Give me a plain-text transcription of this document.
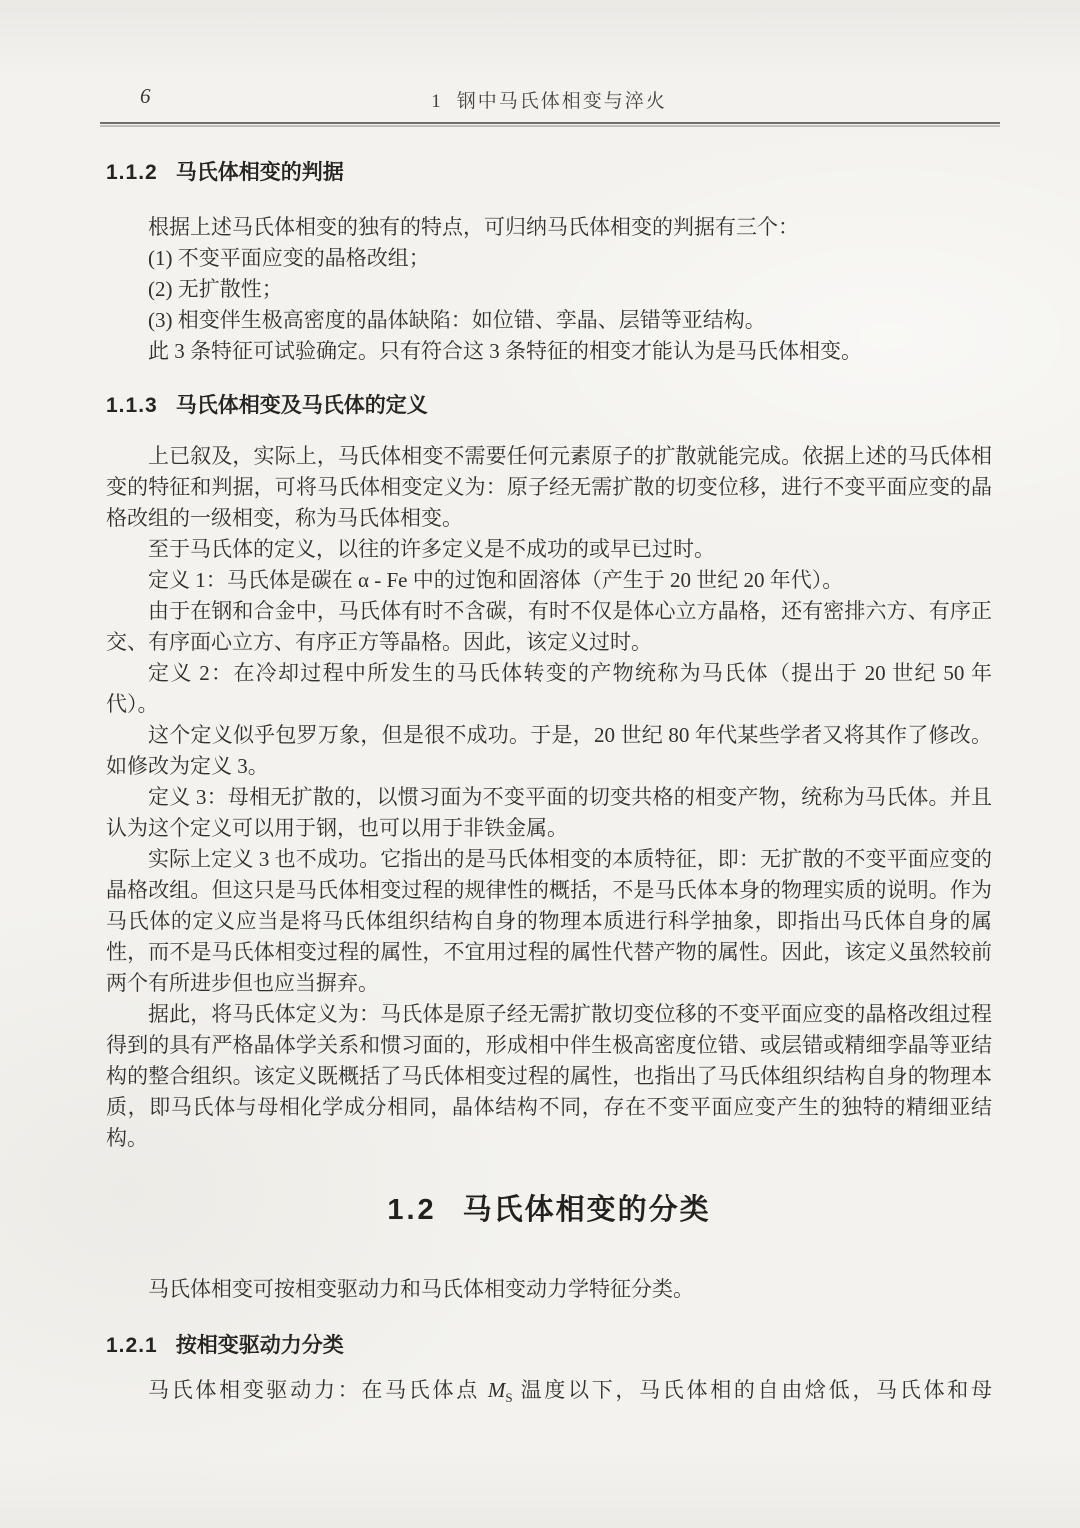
6	1 钢中马氏体相变与淬火
1.1.2 马氏体相变的判据

根据上述马氏体相变的独有的特点，可归纳马氏体相变的判据有三个：

(1) 不变平面应变的晶格改组；

(2) 无扩散性；

(3) 相变伴生极高密度的晶体缺陷：如位错、孪晶、层错等亚结构。

此 3 条特征可试验确定。只有符合这 3 条特征的相变才能认为是马氏体相变。

1.1.3 马氏体相变及马氏体的定义

上已叙及，实际上，马氏体相变不需要任何元素原子的扩散就能完成。依据上述的马氏体相变的特征和判据，可将马氏体相变定义为：原子经无需扩散的切变位移，进行不变平面应变的晶格改组的一级相变，称为马氏体相变。

至于马氏体的定义，以往的许多定义是不成功的或早已过时。

定义 1：马氏体是碳在 α - Fe 中的过饱和固溶体（产生于 20 世纪 20 年代）。

由于在钢和合金中，马氏体有时不含碳，有时不仅是体心立方晶格，还有密排六方、有序正交、有序面心立方、有序正方等晶格。因此，该定义过时。

定义 2：在冷却过程中所发生的马氏体转变的产物统称为马氏体（提出于 20 世纪 50 年代）。

这个定义似乎包罗万象，但是很不成功。于是，20 世纪 80 年代某些学者又将其作了修改。如修改为定义 3。

定义 3：母相无扩散的，以惯习面为不变平面的切变共格的相变产物，统称为马氏体。并且认为这个定义可以用于钢，也可以用于非铁金属。

实际上定义 3 也不成功。它指出的是马氏体相变的本质特征，即：无扩散的不变平面应变的晶格改组。但这只是马氏体相变过程的规律性的概括，不是马氏体本身的物理实质的说明。作为马氏体的定义应当是将马氏体组织结构自身的物理本质进行科学抽象，即指出马氏体自身的属性，而不是马氏体相变过程的属性，不宜用过程的属性代替产物的属性。因此，该定义虽然较前两个有所进步但也应当摒弃。

据此，将马氏体定义为：马氏体是原子经无需扩散切变位移的不变平面应变的晶格改组过程得到的具有严格晶体学关系和惯习面的，形成相中伴生极高密度位错、或层错或精细孪晶等亚结构的整合组织。该定义既概括了马氏体相变过程的属性，也指出了马氏体组织结构自身的物理本质，即马氏体与母相化学成分相同，晶体结构不同，存在不变平面应变产生的独特的精细亚结构。

1.2 马氏体相变的分类

马氏体相变可按相变驱动力和马氏体相变动力学特征分类。

1.2.1 按相变驱动力分类

马氏体相变驱动力：在马氏体点 $M_S$ 温度以下，马氏体相的自由焓低，马氏体和母
